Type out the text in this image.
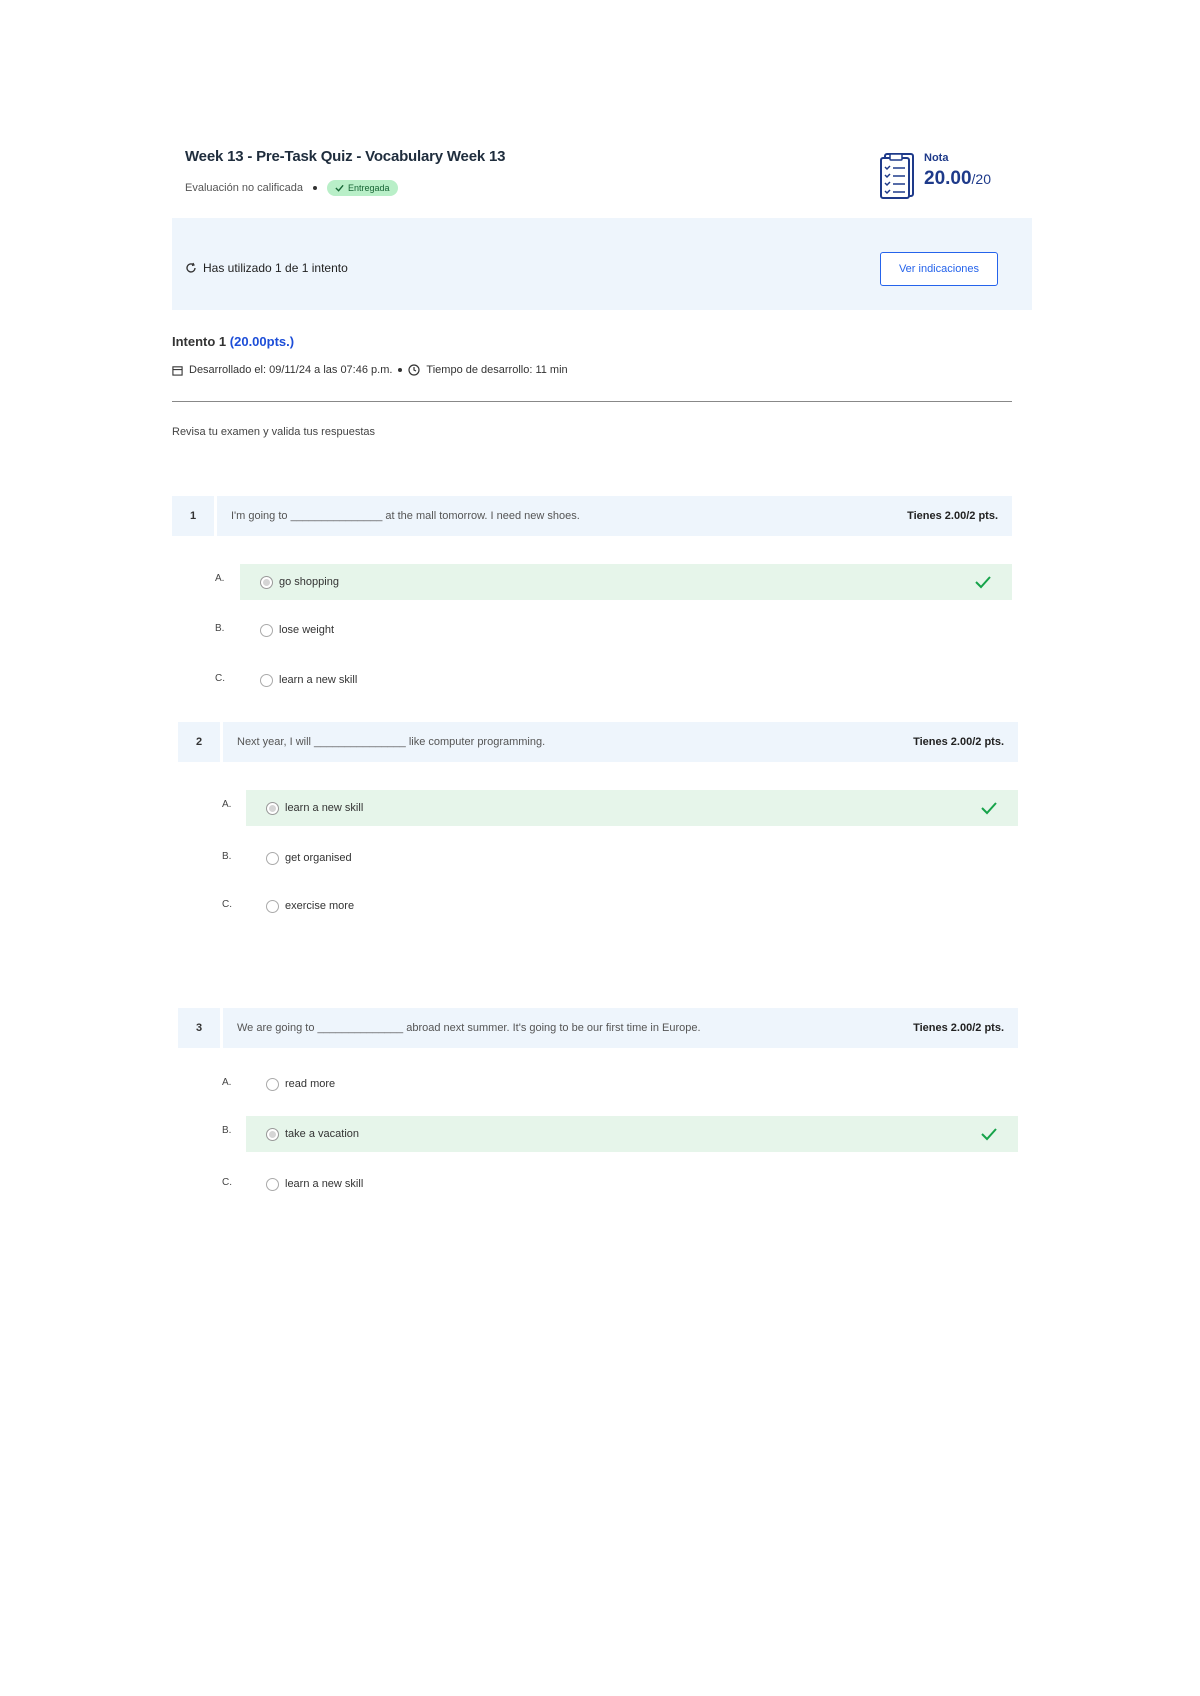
Week 13 - Pre-Task Quiz - Vocabulary Week 13
Evaluación no calificada	Entregada
Nota
20.00/20
Has utilizado 1 de 1 intento	Ver indicaciones
Intento 1 (20.00pts.)
Desarrollado el: 09/11/24 a las 07:46 p.m.	Tiempo de desarrollo: 11 min
Revisa tu examen y valida tus respuestas
1	I'm going to _______________ at the mall tomorrow. I need new shoes.	Tienes 2.00/2 pts.
A.	go shopping
B.	lose weight
C.	learn a new skill
2	Next year, I will _______________ like computer programming.	Tienes 2.00/2 pts.
A.	learn a new skill
B.	get organised
C.	exercise more
3	We are going to ______________ abroad next summer. It's going to be our first time in Europe.	Tienes 2.00/2 pts.
A.	read more
B.	take a vacation
C.	learn a new skill
